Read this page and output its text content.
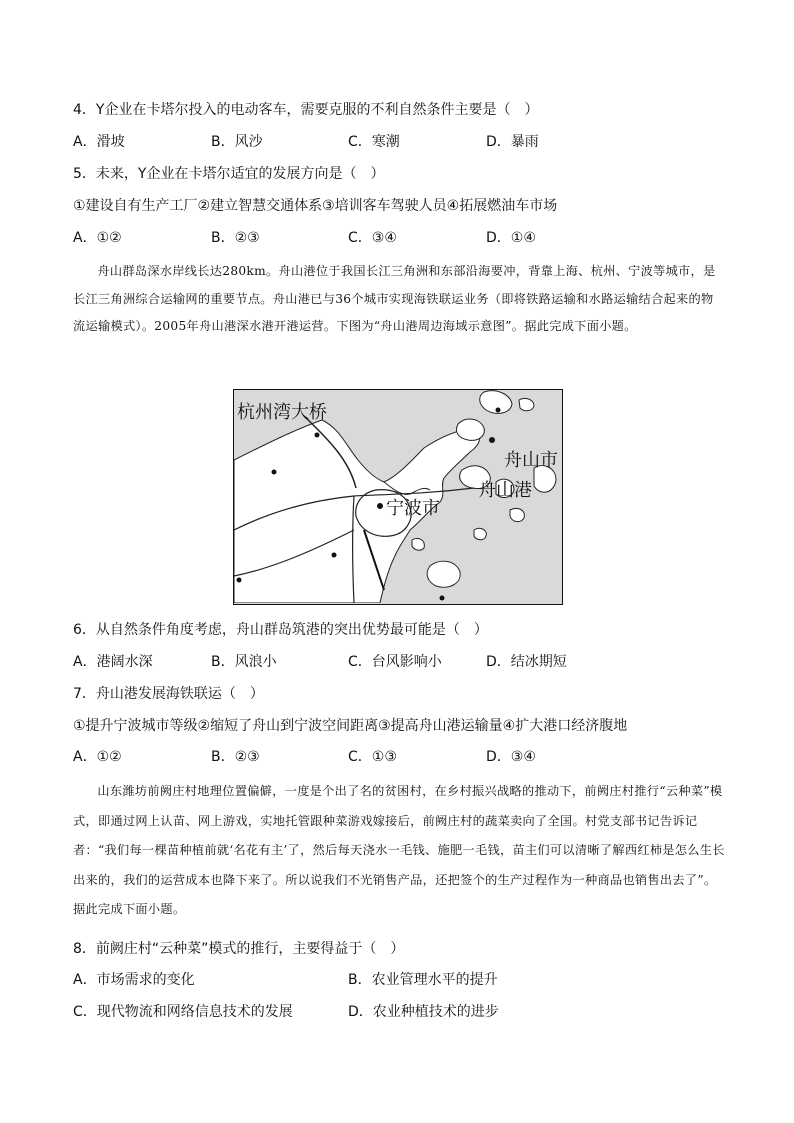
4．Y企业在卡塔尔投入的电动客车，需要克服的不利自然条件主要是（　）
A．滑坡	B．风沙	C．寒潮	D．暴雨
5．未来，Y企业在卡塔尔适宜的发展方向是（　）
①建设自有生产工厂②建立智慧交通体系③培训客车驾驶人员④拓展燃油车市场
A．①②	B．②③	C．③④	D．①④
舟山群岛深水岸线长达280km。舟山港位于我国长江三角洲和东部沿海要冲，背靠上海、杭州、宁波等城市，是长江三角洲综合运输网的重要节点。舟山港已与36个城市实现海铁联运业务（即将铁路运输和水路运输结合起来的物流运输模式）。2005年舟山港深水港开港运营。下图为“舟山港周边海域示意图”。据此完成下面小题。
杭州湾大桥
舟山市
舟山港
宁波市
6．从自然条件角度考虑，舟山群岛筑港的突出优势最可能是（　）
A．港阔水深	B．风浪小	C．台风影响小	D．结冰期短
7．舟山港发展海铁联运（　）
①提升宁波城市等级②缩短了舟山到宁波空间距离③提高舟山港运输量④扩大港口经济腹地
A．①②	B．②③	C．①③	D．③④
山东潍坊前阙庄村地理位置偏僻，一度是个出了名的贫困村，在乡村振兴战略的推动下，前阙庄村推行“云种菜”模式，即通过网上认苗、网上游戏，实地托管跟种菜游戏嫁接后，前阙庄村的蔬菜卖向了全国。村党支部书记告诉记者：“我们每一棵苗种植前就‘名花有主’了，然后每天浇水一毛钱、施肥一毛钱，苗主们可以清晰了解西红柿是怎么生长出来的，我们的运营成本也降下来了。所以说我们不光销售产品，还把签个的生产过程作为一种商品也销售出去了”。据此完成下面小题。
8．前阙庄村“云种菜”模式的推行，主要得益于（　）
A．市场需求的变化	B．农业管理水平的提升
C．现代物流和网络信息技术的发展	D．农业种植技术的进步
